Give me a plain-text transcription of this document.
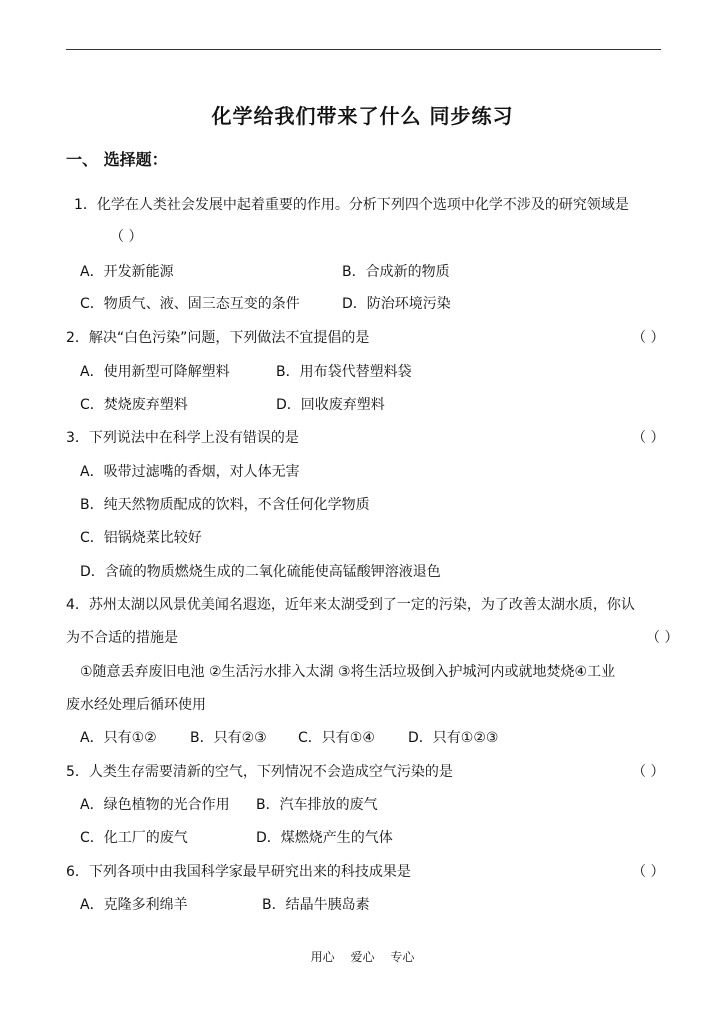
化学给我们带来了什么 同步练习
一、 选择题：
1．化学在人类社会发展中起着重要的作用。分析下列四个选项中化学不涉及的研究领域是
（ ）
A．开发新能源	B．合成新的物质
C．物质气、液、固三态互变的条件	D．防治环境污染
2．解决“白色污染”问题，下列做法不宜提倡的是	（ ）
A．使用新型可降解塑料	B．用布袋代替塑料袋
C．焚烧废弃塑料	D．回收废弃塑料
3．下列说法中在科学上没有错误的是	（ ）
A．吸带过滤嘴的香烟，对人体无害
B．纯天然物质配成的饮料，不含任何化学物质
C．铝锅烧菜比较好
D．含硫的物质燃烧生成的二氧化硫能使高锰酸钾溶液退色
4．苏州太湖以风景优美闻名遐迩，近年来太湖受到了一定的污染，为了改善太湖水质，你认
为不合适的措施是	（ ）
①随意丢弃废旧电池 ②生活污水排入太湖 ③将生活垃圾倒入护城河内或就地焚烧④工业
废水经处理后循环使用
A．只有①② B．只有②③ C．只有①④ D．只有①②③
5．人类生存需要清新的空气，下列情况不会造成空气污染的是	（ ）
A．绿色植物的光合作用 B．汽车排放的废气
C．化工厂的废气	D．煤燃烧产生的气体
6．下列各项中由我国科学家最早研究出来的科技成果是	（ ）
A．克隆多利绵羊	B．结晶牛胰岛素
用心 爱心 专心
